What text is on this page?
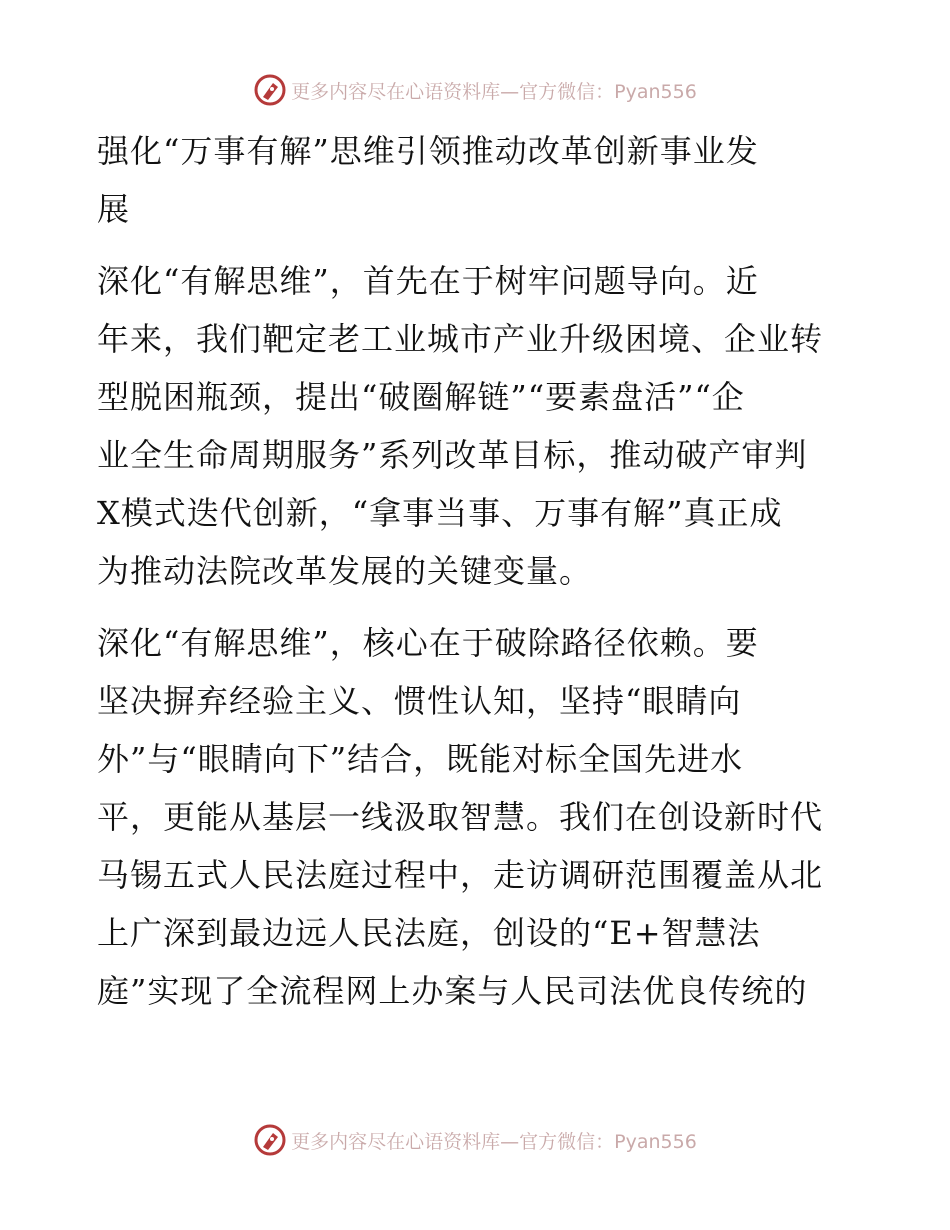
更多内容尽在心语资料库—官方微信：Pyan556

强化“万事有解”思维引领推动改革创新事业发
展

深化“有解思维”，首先在于树牢问题导向。近
年来，我们靶定老工业城市产业升级困境、企业转
型脱困瓶颈，提出“破圈解链”“要素盘活”“企
业全生命周期服务”系列改革目标，推动破产审判
X模式迭代创新，“拿事当事、万事有解”真正成
为推动法院改革发展的关键变量。

深化“有解思维”，核心在于破除路径依赖。要
坚决摒弃经验主义、惯性认知，坚持“眼睛向
外”与“眼睛向下”结合，既能对标全国先进水
平，更能从基层一线汲取智慧。我们在创设新时代
马锡五式人民法庭过程中，走访调研范围覆盖从北
上广深到最边远人民法庭，创设的“E+智慧法
庭”实现了全流程网上办案与人民司法优良传统的

更多内容尽在心语资料库—官方微信：Pyan556
